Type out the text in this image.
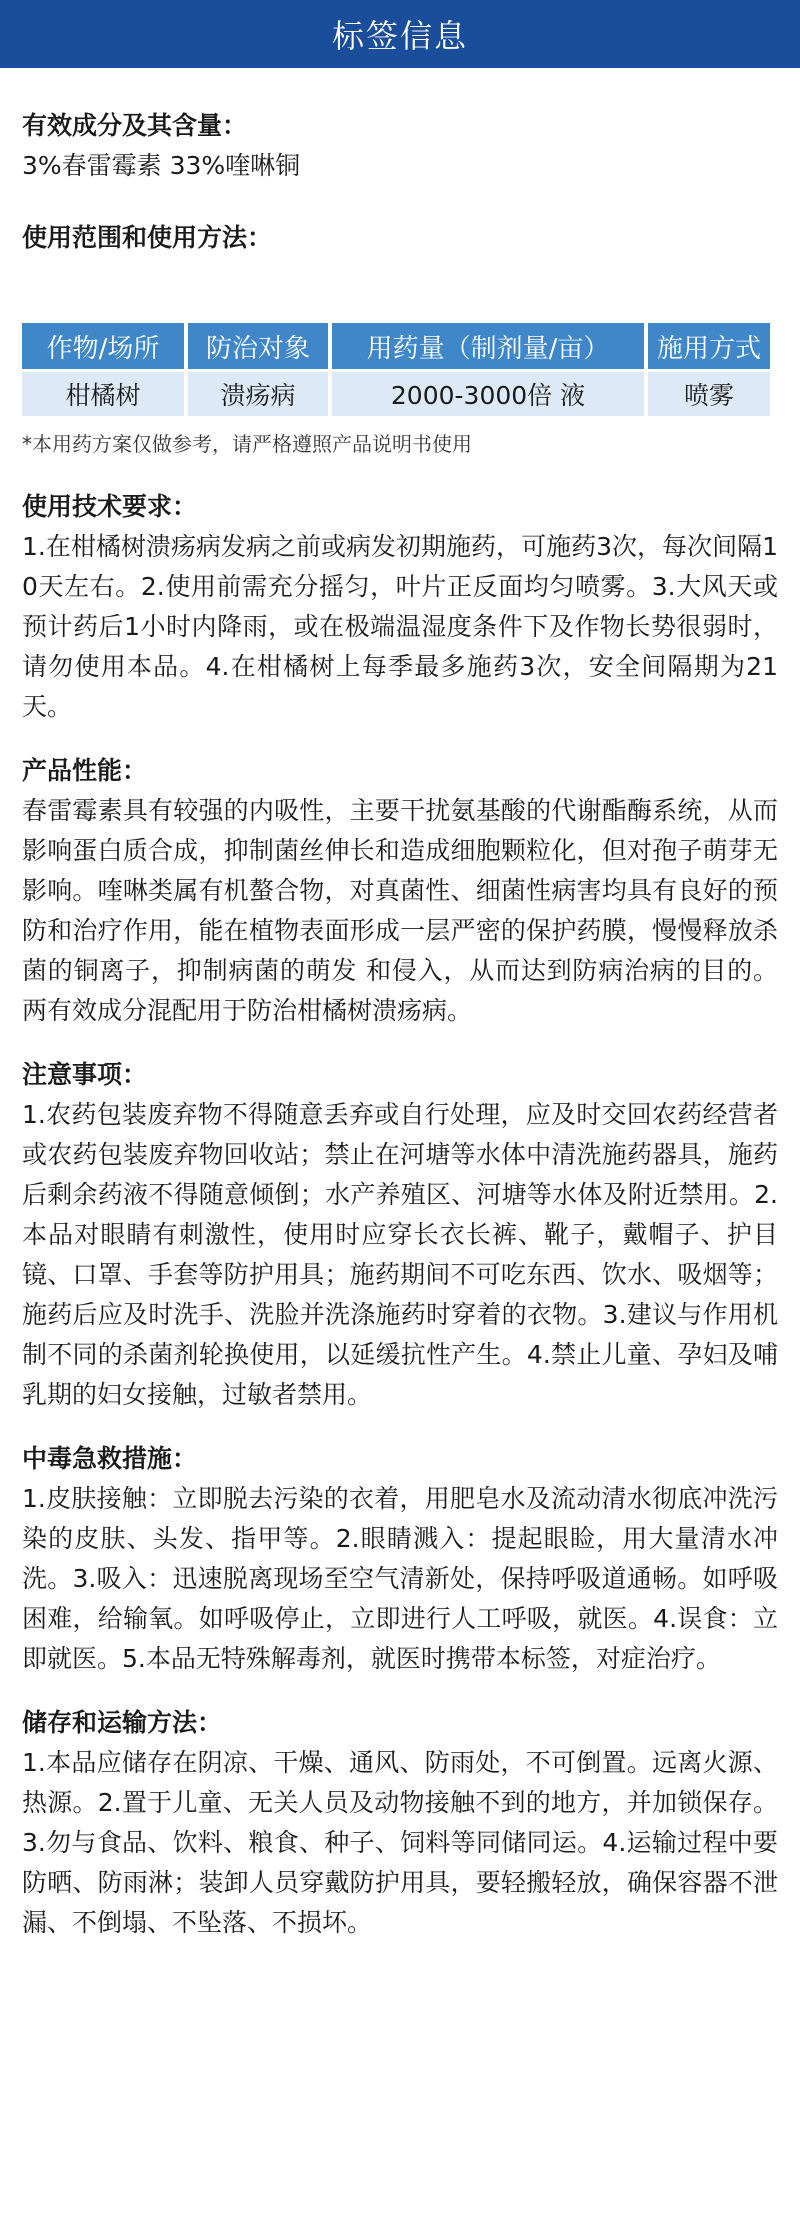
标签信息

有效成分及其含量：

3%春雷霉素 33%喹啉铜

使用范围和使用方法：

作物/场所	防治对象	用药量（制剂量/亩）	施用方式
柑橘树	溃疡病	2000-3000倍 液	喷雾

*本用药方案仅做参考，请严格遵照产品说明书使用

使用技术要求：

1.在柑橘树溃疡病发病之前或病发初期施药，可施药3次，每次间隔10天左右。2.使用前需充分摇匀，叶片正反面均匀喷雾。3.大风天或预计药后1小时内降雨，或在极端温湿度条件下及作物长势很弱时，请勿使用本品。4.在柑橘树上每季最多施药3次，安全间隔期为21天。

产品性能：

春雷霉素具有较强的内吸性，主要干扰氨基酸的代谢酯酶系统，从而影响蛋白质合成，抑制菌丝伸长和造成细胞颗粒化，但对孢子萌芽无影响。喹啉类属有机螯合物，对真菌性、细菌性病害均具有良好的预防和治疗作用，能在植物表面形成一层严密的保护药膜，慢慢释放杀菌的铜离子，抑制病菌的萌发 和侵入，从而达到防病治病的目的。两有效成分混配用于防治柑橘树溃疡病。

注意事项：

1.农药包装废弃物不得随意丢弃或自行处理，应及时交回农药经营者或农药包装废弃物回收站；禁止在河塘等水体中清洗施药器具，施药后剩余药液不得随意倾倒；水产养殖区、河塘等水体及附近禁用。2.本品对眼睛有刺激性，使用时应穿长衣长裤、靴子，戴帽子、护目镜、口罩、手套等防护用具；施药期间不可吃东西、饮水、吸烟等；施药后应及时洗手、洗脸并洗涤施药时穿着的衣物。3.建议与作用机制不同的杀菌剂轮换使用，以延缓抗性产生。4.禁止儿童、孕妇及哺乳期的妇女接触，过敏者禁用。

中毒急救措施：

1.皮肤接触：立即脱去污染的衣着，用肥皂水及流动清水彻底冲洗污染的皮肤、头发、指甲等。2.眼睛溅入：提起眼睑，用大量清水冲洗。3.吸入：迅速脱离现场至空气清新处，保持呼吸道通畅。如呼吸困难，给输氧。如呼吸停止，立即进行人工呼吸，就医。4.误食：立即就医。5.本品无特殊解毒剂，就医时携带本标签，对症治疗。

储存和运输方法：

1.本品应储存在阴凉、干燥、通风、防雨处，不可倒置。远离火源、热源。2.置于儿童、无关人员及动物接触不到的地方，并加锁保存。3.勿与食品、饮料、粮食、种子、饲料等同储同运。4.运输过程中要防晒、防雨淋；装卸人员穿戴防护用具，要轻搬轻放，确保容器不泄漏、不倒塌、不坠落、不损坏。
